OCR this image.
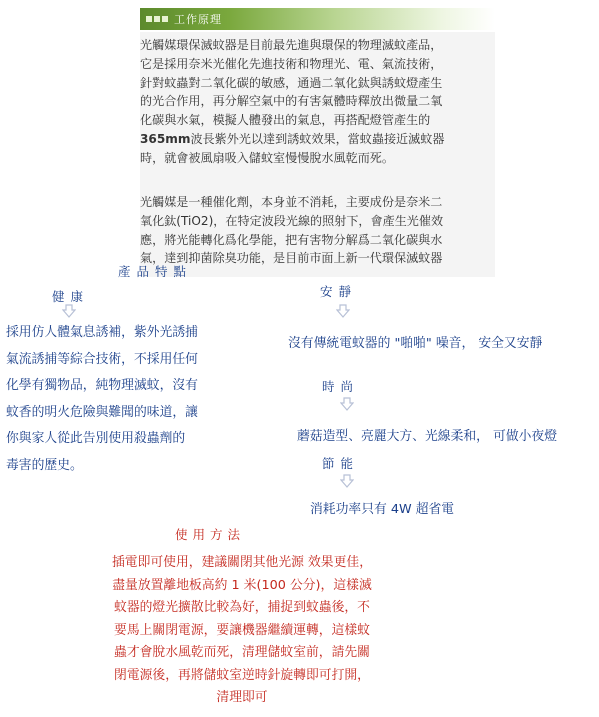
工作原理
光觸媒環保滅蚊器是目前最先進與環保的物理滅蚊產品，
它是採用奈米光催化先進技術和物理光、電、氣流技術，
針對蚊蟲對二氧化碳的敏感，通過二氧化鈦與誘蚊燈產生
的光合作用，再分解空氣中的有害氣體時釋放出微量二氧
化碳與水氣，模擬人體發出的氣息，再搭配燈管產生的
365mm波長紫外光以達到誘蚊效果，當蚊蟲接近滅蚊器
時，就會被風扇吸入儲蚊室慢慢脫水風乾而死。
光觸媒是一種催化劑，本身並不消耗，主要成份是奈米二
氧化鈦(TiO2)，在特定波段光線的照射下，會產生光催效
應，將光能轉化爲化學能，把有害物分解爲二氧化碳與水
氣，達到抑菌除臭功能，是目前市面上新一代環保滅蚊器
產品特點
健康
採用仿人體氣息誘補，紫外光誘捕
氣流誘捕等綜合技術，不採用任何
化學有獨物品，純物理滅蚊，沒有
蚊香的明火危險與難聞的味道，讓
你與家人從此告別使用殺蟲劑的
毒害的歷史。
安靜
沒有傳統電蚊器的 "啪啪" 噪音， 安全又安靜
時尚
蘑菇造型、亮麗大方、光線柔和， 可做小夜燈
節能
消耗功率只有 4W 超省電
使用方法
插電即可使用，建議關閉其他光源 效果更佳，
盡量放置離地板高約 1 米(100 公分)，這樣滅
蚊器的燈光擴散比較為好，捕捉到蚊蟲後，不
要馬上關閉電源，要讓機器繼續運轉，這樣蚊
蟲才會脫水風乾而死，清理儲蚊室前，請先關
閉電源後，再將儲蚊室逆時針旋轉即可打開，
清理即可
